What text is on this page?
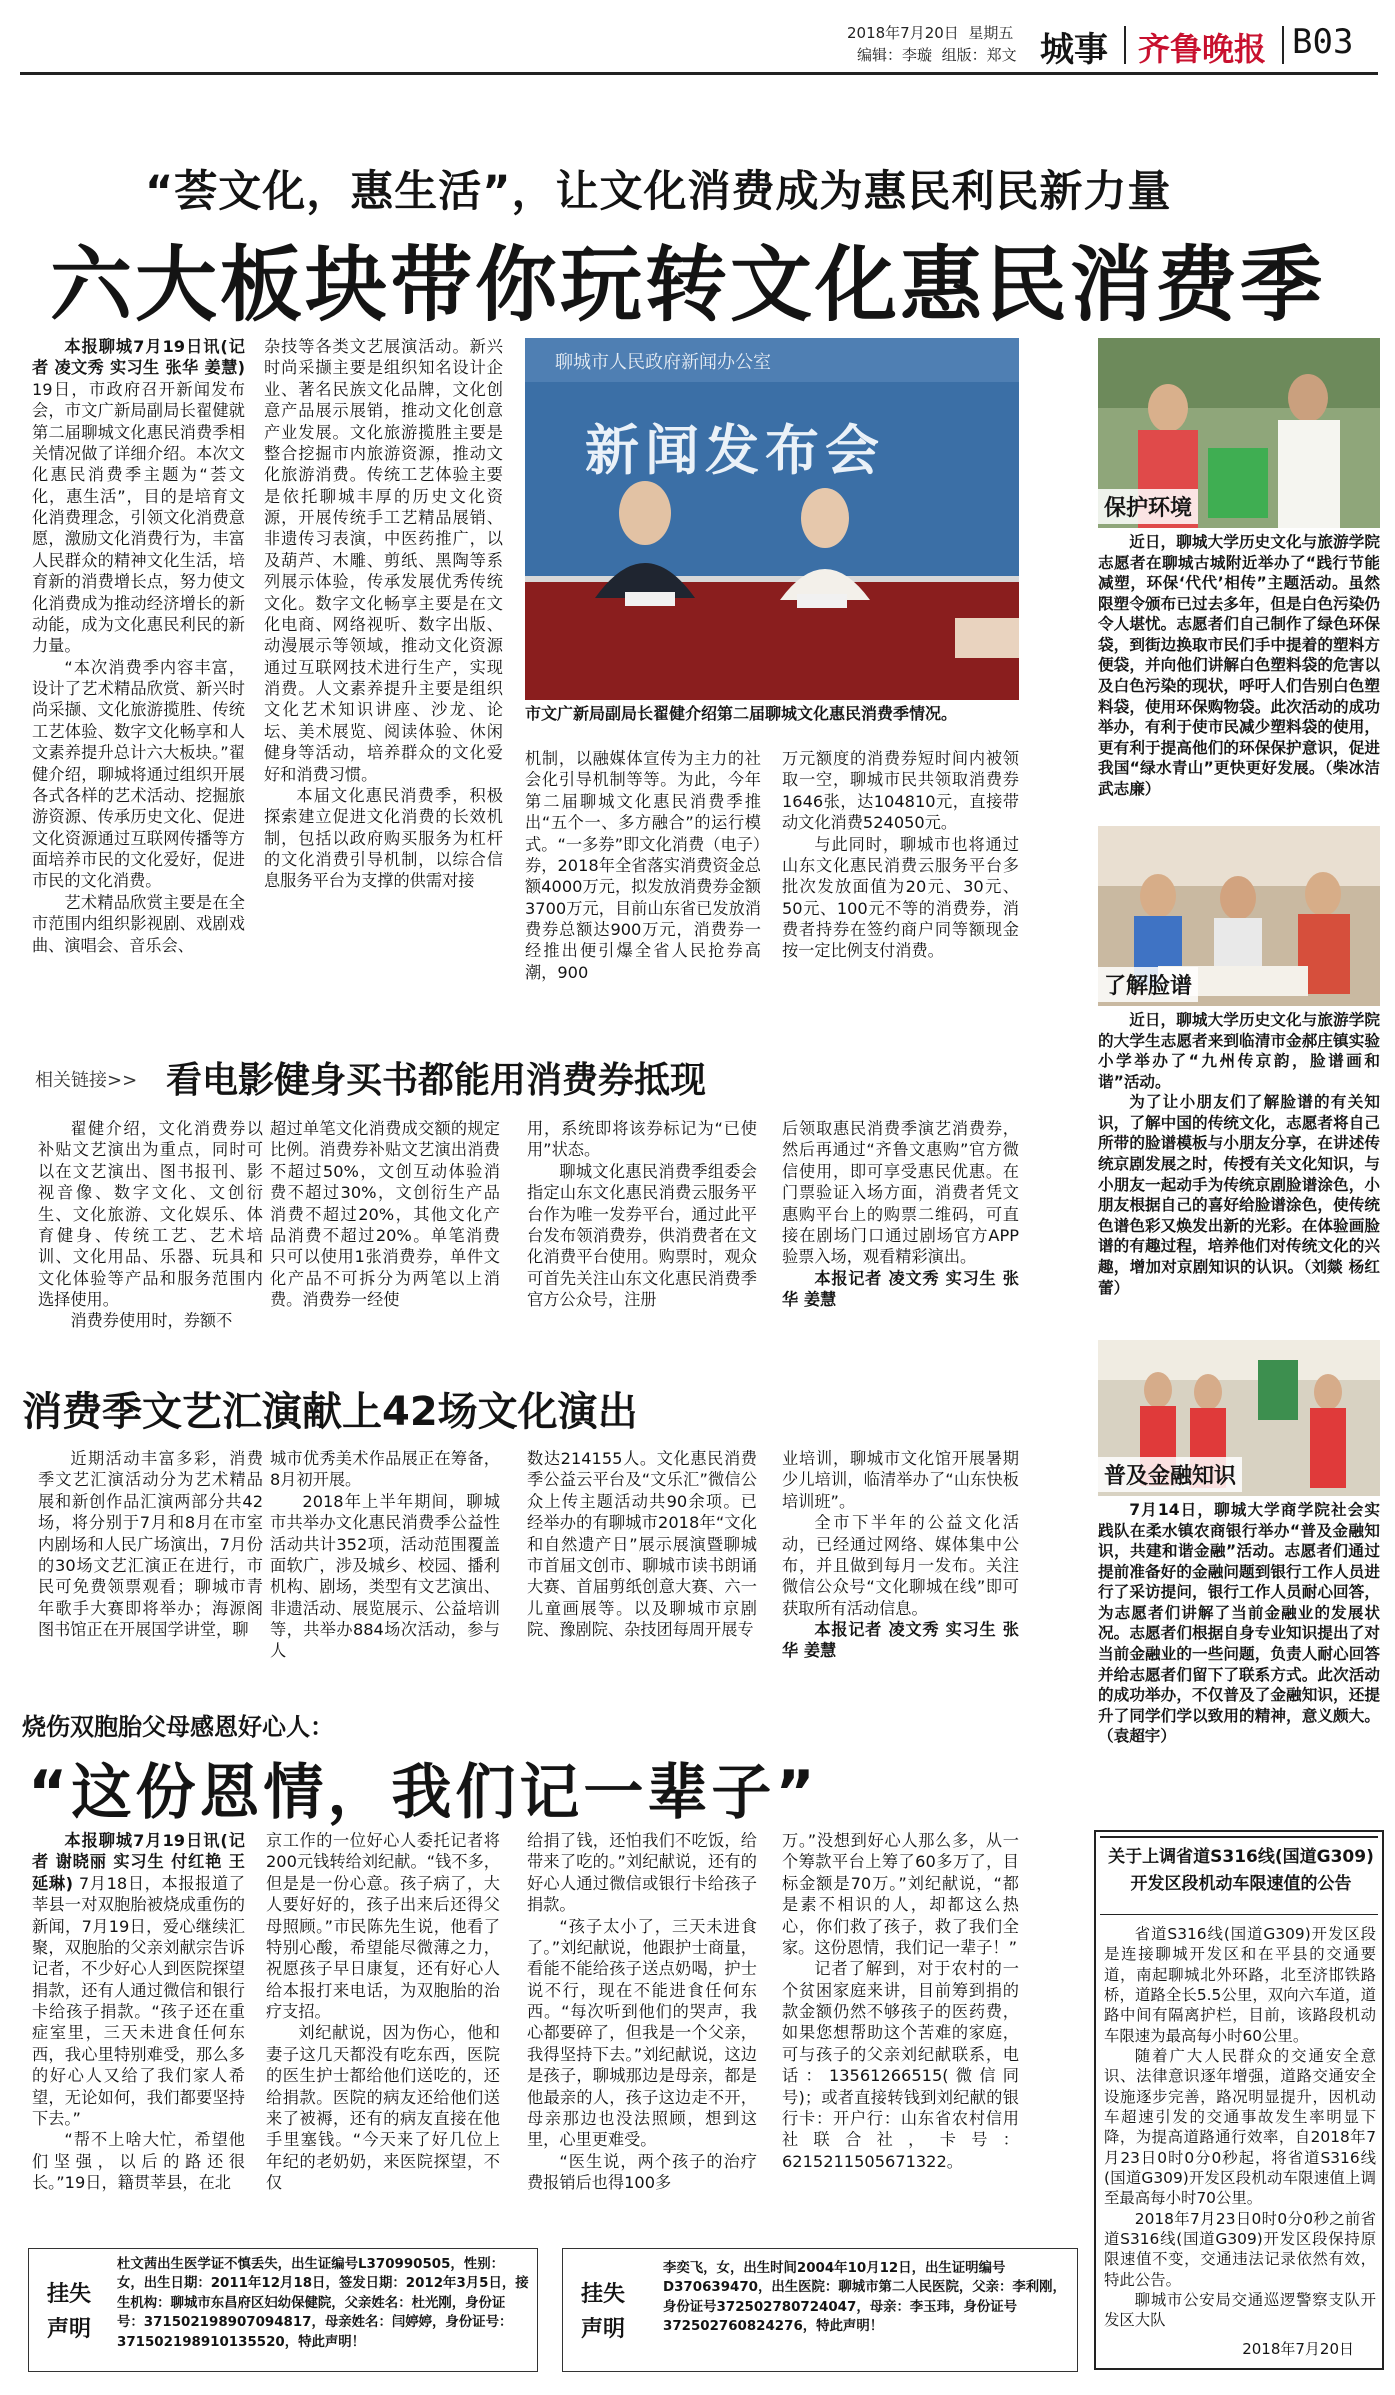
2018年7月20日 星期五
编辑：李璇 组版：郑文 城事 齐鲁晚报 B03
“荟文化，惠生活”，让文化消费成为惠民利民新力量
六大板块带你玩转文化惠民消费季

本报聊城7月19日讯(记者 凌文秀 实习生 张华 姜慧) 19日，市政府召开新闻发布会，市文广新局副局长翟健就第二届聊城文化惠民消费季相关情况做了详细介绍。本次文化惠民消费季主题为“荟文化，惠生活”，目的是培育文化消费理念，引领文化消费意愿，激励文化消费行为，丰富人民群众的精神文化生活，培育新的消费增长点，努力使文化消费成为推动经济增长的新动能，成为文化惠民利民的新力量。

“本次消费季内容丰富，设计了艺术精品欣赏、新兴时尚采撷、文化旅游揽胜、传统工艺体验、数字文化畅享和人文素养提升总计六大板块。”翟健介绍，聊城将通过组织开展各式各样的艺术活动、挖掘旅游资源、传承历史文化、促进文化资源通过互联网传播等方面培养市民的文化爱好，促进市民的文化消费。

艺术精品欣赏主要是在全市范围内组织影视剧、戏剧戏曲、演唱会、音乐会、

杂技等各类文艺展演活动。新兴时尚采撷主要是组织知名设计企业、著名民族文化品牌，文化创意产品展示展销，推动文化创意产业发展。文化旅游揽胜主要是整合挖掘市内旅游资源，推动文化旅游消费。传统工艺体验主要是依托聊城丰厚的历史文化资源，开展传统手工艺精品展销、非遗传习表演，中医药推广，以及葫芦、木雕、剪纸、黑陶等系列展示体验，传承发展优秀传统文化。数字文化畅享主要是在文化电商、网络视听、数字出版、动漫展示等领域，推动文化资源通过互联网技术进行生产，实现消费。人文素养提升主要是组织文化艺术知识讲座、沙龙、论坛、美术展览、阅读体验、休闲健身等活动，培养群众的文化爱好和消费习惯。

本届文化惠民消费季，积极探索建立促进文化消费的长效机制，包括以政府购买服务为杠杆的文化消费引导机制，以综合信息服务平台为支撑的供需对接

聊城市人民政府新闻办公室
新闻发布会
市文广新局副局长翟健介绍第二届聊城文化惠民消费季情况。

机制，以融媒体宣传为主力的社会化引导机制等等。为此，今年第二届聊城文化惠民消费季推出“五个一、多方融合”的运行模式。“一多券”即文化消费（电子）券，2018年全省落实消费资金总额4000万元，拟发放消费券金额3700万元，目前山东省已发放消费券总额达900万元，消费券一经推出便引爆全省人民抢券高潮，900

万元额度的消费券短时间内被领取一空，聊城市民共领取消费券1646张，达104810元，直接带动文化消费524050元。

与此同时，聊城市也将通过山东文化惠民消费云服务平台多批次发放面值为20元、30元、50元、100元不等的消费券，消费者持券在签约商户同等额现金按一定比例支付消费。

相关链接>> 看电影健身买书都能用消费券抵现

翟健介绍，文化消费券以补贴文艺演出为重点，同时可以在文艺演出、图书报刊、影视音像、数字文化、文创衍生、文化旅游、文化娱乐、体育健身、传统工艺、艺术培训、文化用品、乐器、玩具和文化体验等产品和服务范围内选择使用。

消费券使用时，券额不

超过单笔文化消费成交额的规定比例。消费券补贴文艺演出消费不超过50%，文创互动体验消费不超过30%，文创衍生产品消费不超过20%，其他文化产品消费不超过20%。单笔消费只可以使用1张消费券，单件文化产品不可拆分为两笔以上消费。消费券一经使

用，系统即将该券标记为“已使用”状态。

聊城文化惠民消费季组委会指定山东文化惠民消费云服务平台作为唯一发券平台，通过此平台发布领消费券，供消费者在文化消费平台使用。购票时，观众可首先关注山东文化惠民消费季官方公众号，注册

后领取惠民消费季演艺消费券，然后再通过“齐鲁文惠购”官方微信使用，即可享受惠民优惠。在门票验证入场方面，消费者凭文惠购平台上的购票二维码，可直接在剧场门口通过剧场官方APP验票入场，观看精彩演出。

本报记者 凌文秀 实习生 张华 姜慧

消费季文艺汇演献上42场文化演出

近期活动丰富多彩，消费季文艺汇演活动分为艺术精品展和新创作品汇演两部分共42场，将分别于7月和8月在市室内剧场和人民广场演出，7月份的30场文艺汇演正在进行，市民可免费领票观看；聊城市青年歌手大赛即将举办；海源阁图书馆正在开展国学讲堂，聊

城市优秀美术作品展正在筹备，8月初开展。

2018年上半年期间，聊城市共举办文化惠民消费季公益性活动共计352项，活动范围覆盖面软广，涉及城乡、校园、播利机构、剧场，类型有文艺演出、非遗活动、展览展示、公益培训等，共举办884场次活动，参与人

数达214155人。文化惠民消费季公益云平台及“文乐汇”微信公众上传主题活动共90余项。已经举办的有聊城市2018年“文化和自然遗产日”展示展演暨聊城市首届文创市、聊城市读书朗诵大赛、首届剪纸创意大赛、六一儿童画展等。以及聊城市京剧院、豫剧院、杂技团每周开展专

业培训，聊城市文化馆开展暑期少儿培训，临清举办了“山东快板培训班”。

全市下半年的公益文化活动，已经通过网络、媒体集中公布，并且做到每月一发布。关注微信公众号“文化聊城在线”即可获取所有活动信息。

本报记者 凌文秀 实习生 张华 姜慧

烧伤双胞胎父母感恩好心人：
“这份恩情，我们记一辈子”

本报聊城7月19日讯(记者 谢晓丽 实习生 付红艳 王延琳) 7月18日，本报报道了莘县一对双胞胎被烧成重伤的新闻，7月19日，爱心继续汇聚，双胞胎的父亲刘献宗告诉记者，不少好心人到医院探望捐款，还有人通过微信和银行卡给孩子捐款。“孩子还在重症室里，三天未进食任何东西，我心里特别难受，那么多的好心人又给了我们家人希望，无论如何，我们都要坚持下去。”

“帮不上啥大忙，希望他们坚强，以后的路还很长。”19日，籍贯莘县，在北

京工作的一位好心人委托记者将200元钱转给刘纪献。“钱不多，但是是一份心意。孩子病了，大人要好好的，孩子出来后还得父母照顾。”市民陈先生说，他看了特别心酸，希望能尽微薄之力，祝愿孩子早日康复，还有好心人给本报打来电话，为双胞胎的治疗支招。

刘纪献说，因为伤心，他和妻子这几天都没有吃东西，医院的医生护士都给他们送吃的，还给捐款。医院的病友还给他们送来了被褥，还有的病友直接在他手里塞钱。“今天来了好几位上年纪的老奶奶，来医院探望，不仅

给捐了钱，还怕我们不吃饭，给带来了吃的。”刘纪献说，还有的好心人通过微信或银行卡给孩子捐款。

“孩子太小了，三天未进食了。”刘纪献说，他跟护士商量，看能不能给孩子送点奶喝，护士说不行，现在不能进食任何东西。“每次听到他们的哭声，我心都要碎了，但我是一个父亲，我得坚持下去。”刘纪献说，这边是孩子，聊城那边是母亲，都是他最亲的人，孩子这边走不开，母亲那边也没法照顾，想到这里，心里更难受。

“医生说，两个孩子的治疗费报销后也得100多

万。”没想到好心人那么多，从一个筹款平台上筹了60多万了，目标金额是70万。”刘纪献说，“都是素不相识的人，却都这么热心，你们救了孩子，救了我们全家。这份恩情，我们记一辈子！”

记者了解到，对于农村的一个贫困家庭来讲，目前筹到捐的款金额仍然不够孩子的医药费，如果您想帮助这个苦难的家庭，可与孩子的父亲刘纪献联系，电话：13561266515(微信同号)；或者直接转钱到刘纪献的银行卡：开户行：山东省农村信用社联合社，卡号：6215211505671322。

挂失
声明
杜文茜出生医学证不慎丢失，出生证编号L370990505，性别：女，出生日期：2011年12月18日，签发日期：2012年3月5日，接生机构：聊城市东昌府区妇幼保健院，父亲姓名：杜光刚，身份证号：371502198907094817，母亲姓名：闫婷婷，身份证号：371502198910135520，特此声明！
挂失
声明
李奕飞，女，出生时间2004年10月12日，出生证明编号D370639470，出生医院：聊城市第二人民医院，父亲：李利刚，身份证号372502780724047，母亲：李玉玮，身份证号372502760824276，特此声明！
保护环境

近日，聊城大学历史文化与旅游学院志愿者在聊城古城附近举办了“践行节能减塑，环保‘代代’相传”主题活动。虽然限塑令颁布已过去多年，但是白色污染仍令人堪忧。志愿者们自己制作了绿色环保袋，到街边换取市民们手中提着的塑料方便袋，并向他们讲解白色塑料袋的危害以及白色污染的现状，呼吁人们告别白色塑料袋，使用环保购物袋。此次活动的成功举办，有利于使市民减少塑料袋的使用，更有利于提高他们的环保保护意识，促进我国“绿水青山”更快更好发展。（柴冰洁 武志廉）

了解脸谱

近日，聊城大学历史文化与旅游学院的大学生志愿者来到临清市金郝庄镇实验小学举办了“九州传京韵，脸谱画和谐”活动。

为了让小朋友们了解脸谱的有关知识，了解中国的传统文化，志愿者将自己所带的脸谱模板与小朋友分享，在讲述传统京剧发展之时，传授有关文化知识，与小朋友一起动手为传统京剧脸谱涂色，小朋友根据自己的喜好给脸谱涂色，使传统色谱色彩又焕发出新的光彩。在体验画脸谱的有趣过程，培养他们对传统文化的兴趣，增加对京剧知识的认识。（刘燚 杨红蕾）

普及金融知识

7月14日，聊城大学商学院社会实践队在柔水镇农商银行举办“普及金融知识，共建和谐金融”活动。志愿者们通过提前准备好的金融问题到银行工作人员进行了采访提问，银行工作人员耐心回答，为志愿者们讲解了当前金融业的发展状况。志愿者们根据自身专业知识提出了对当前金融业的一些问题，负责人耐心回答并给志愿者们留下了联系方式。此次活动的成功举办，不仅普及了金融知识，还提升了同学们学以致用的精神，意义颇大。（袁超宇）

关于上调省道S316线(国道G309)
开发区段机动车限速值的公告

省道S316线(国道G309)开发区段是连接聊城开发区和在平县的交通要道，南起聊城北外环路，北至济邯铁路桥，道路全长5.5公里，双向六车道，道路中间有隔离护栏，目前，该路段机动车限速为最高每小时60公里。

随着广大人民群众的交通安全意识、法律意识逐年增强，道路交通安全设施逐步完善，路况明显提升，因机动车超速引发的交通事故发生率明显下降，为提高道路通行效率，自2018年7月23日0时0分0秒起，将省道S316线(国道G309)开发区段机动车限速值上调至最高每小时70公里。

2018年7月23日0时0分0秒之前省道S316线(国道G309)开发区段保持原限速值不变，交通违法记录依然有效，特此公告。

聊城市公安局交通巡逻警察支队开发区大队

2018年7月20日
